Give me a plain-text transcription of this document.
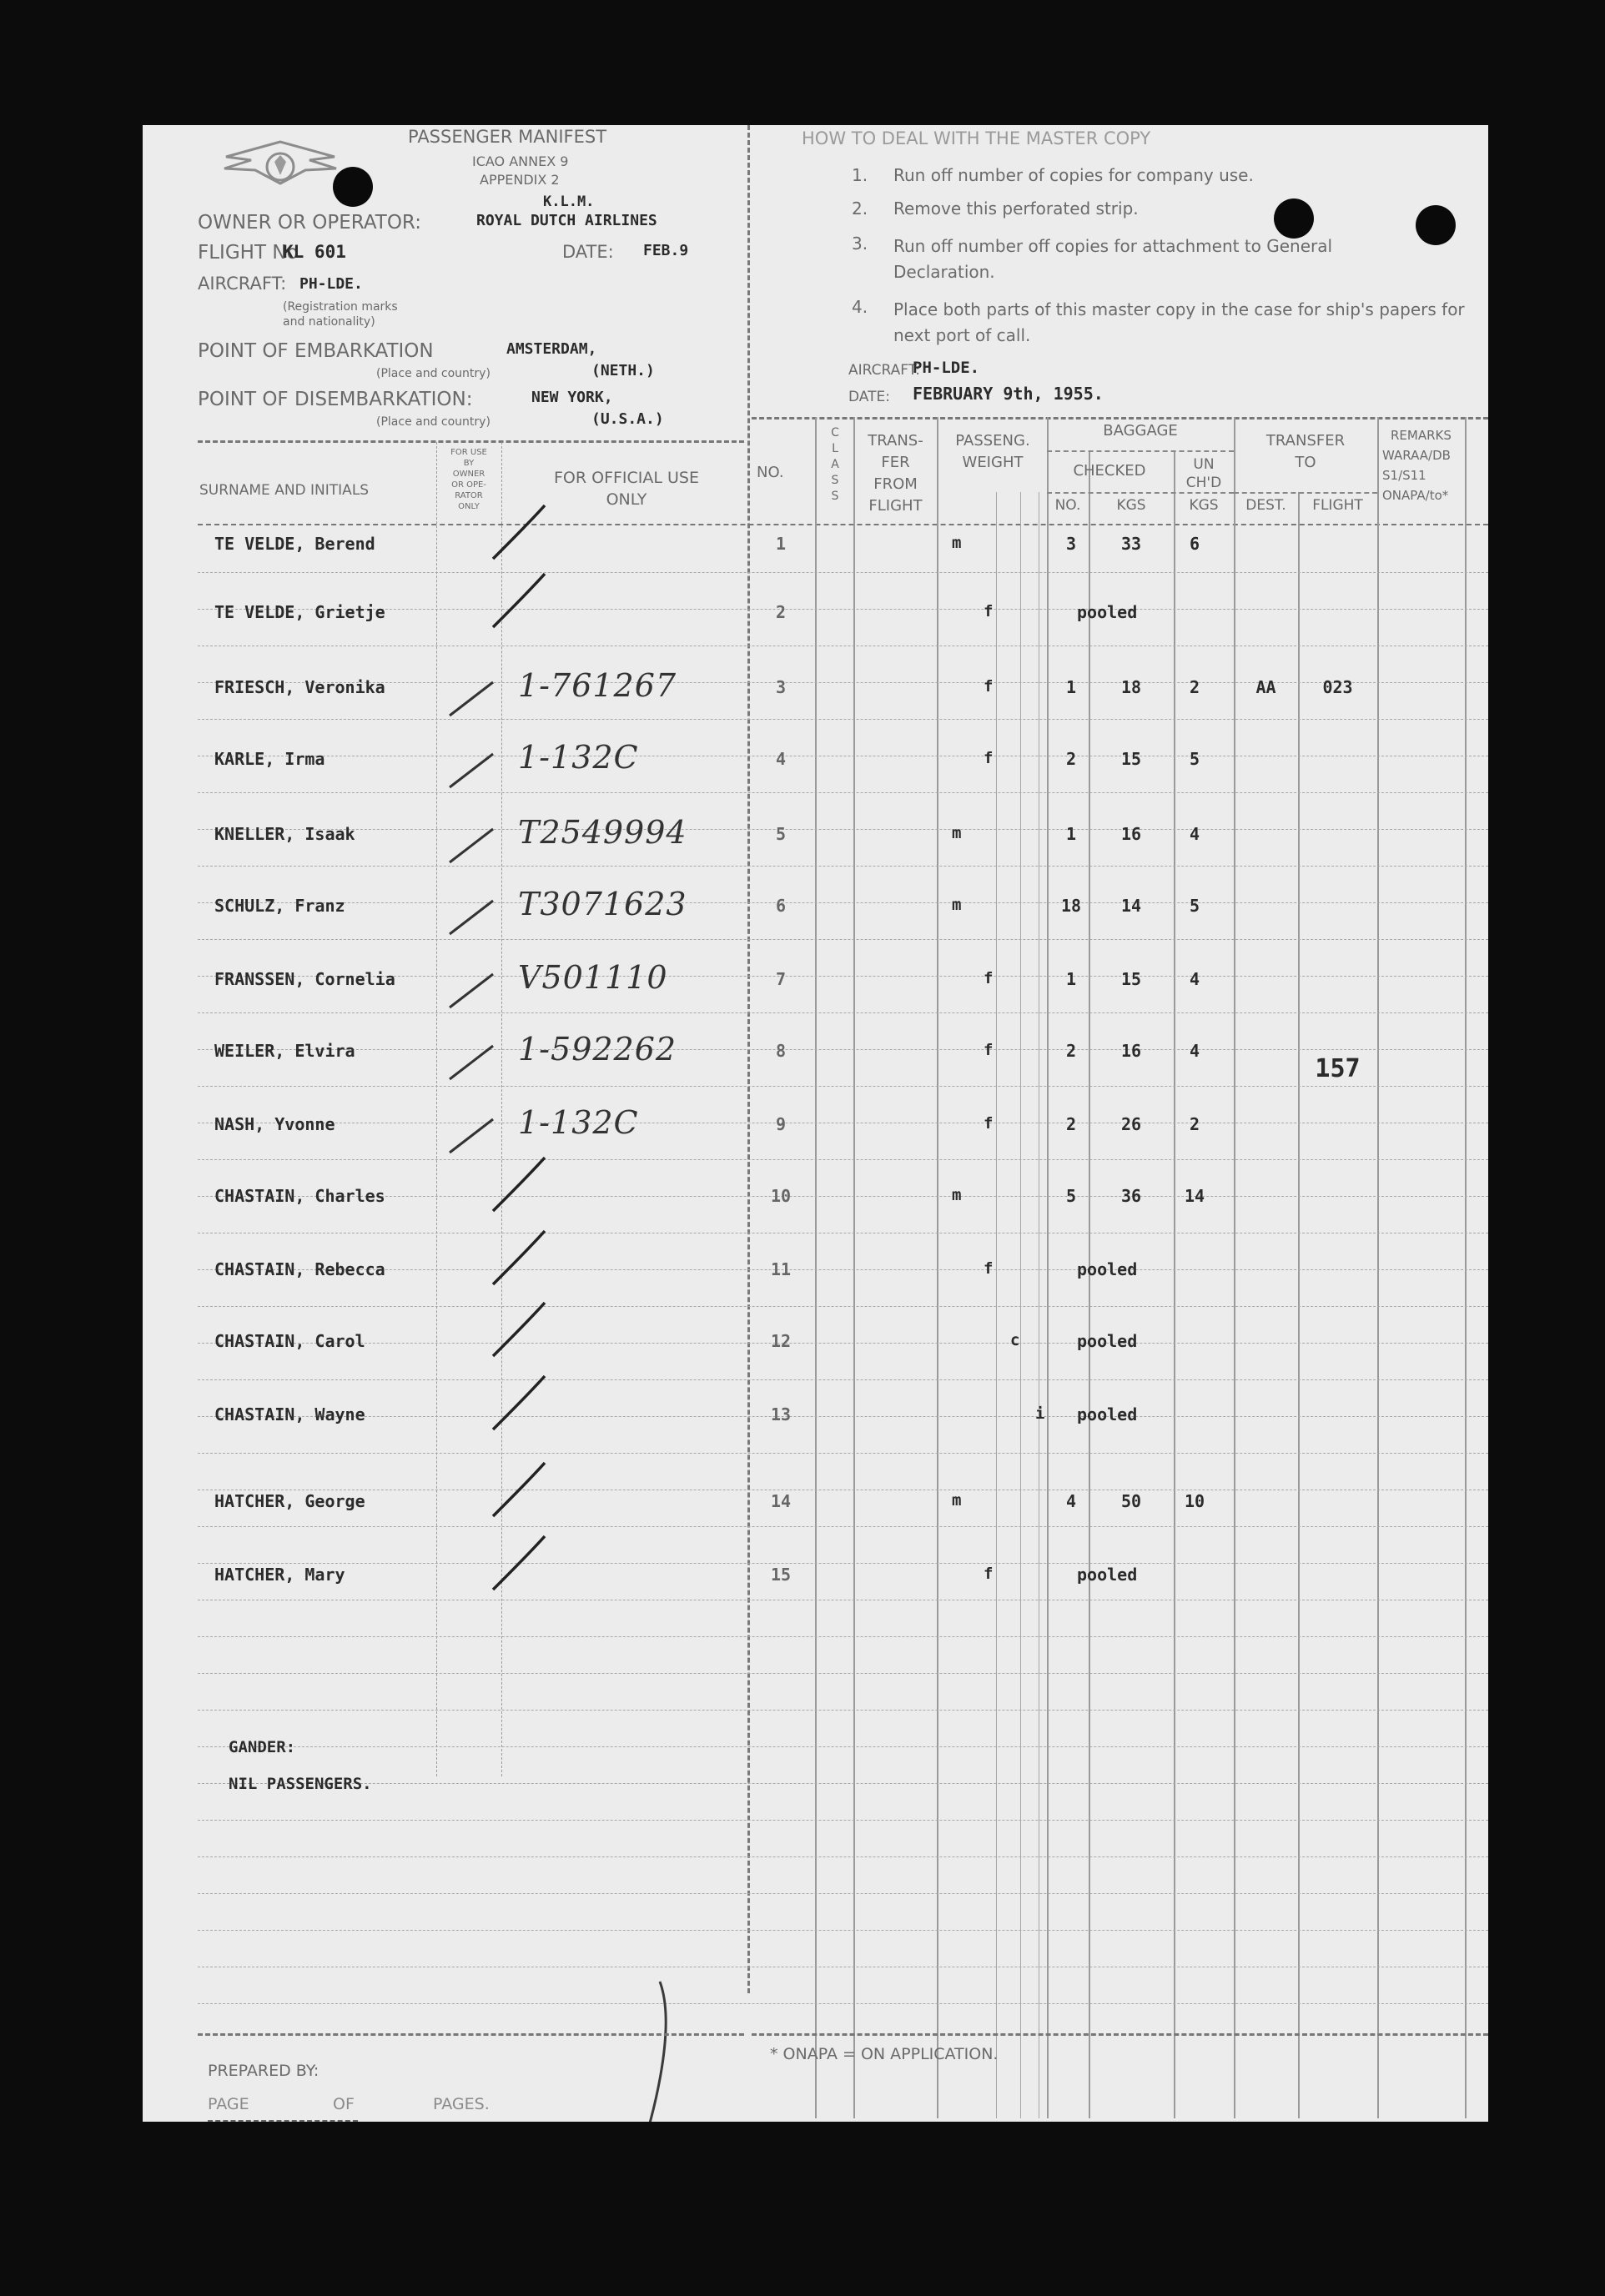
PASSENGER MANIFEST
ICAO ANNEX 9
APPENDIX 2
K.L.M.
OWNER OR OPERATOR:	ROYAL DUTCH AIRLINES
FLIGHT No
KL 601	DATE: FEB.9
AIRCRAFT: PH-LDE.
(Registration marks
and nationality)
POINT OF EMBARKATION	AMSTERDAM,
(Place and country)	(NETH.)
POINT OF DISEMBARKATION:	NEW YORK,
(Place and country)	(U.S.A.)
HOW TO DEAL WITH THE MASTER COPY
1. Run off number of copies for company use.
2. Remove this perforated strip.
3. Run off number off copies for attachment to General Declaration.
4. Place both parts of this master copy in the case for ship's papers for next port of call.
AIRCRAFT:
PH-LDE.
DATE: FEBRUARY 9th, 1955.
SURNAME AND INITIALS
FOR USE
BY
OWNER
OR OPE-
RATOR
ONLY
FOR OFFICIAL USE
ONLY
NO.
C
L
A
S
S
TRANS-
FER
FROM
FLIGHT
PASSENG.
WEIGHT
BAGGAGE
CHECKED	UN
CH'D
NO.	KGS	KGS
TRANSFER
TO
DEST.	FLIGHT
REMARKS
WARAA/DB
S1/S11
ONAPA/to*
TE VELDE, Berend	1	m	3	33	6
TE VELDE, Grietje	2	f	pooled
FRIESCH, Veronika	1-761267	3	f	1	18	2	AA	023
KARLE, Irma	1-132C	4	f	2	15	5
KNELLER, Isaak	T2549994	5	m	1	16	4
SCHULZ, Franz	T3071623	6	m	18	14	5
FRANSSEN, Cornelia	V501110	7	f	1	15	4
WEILER, Elvira	1-592262	8	f	2	16	4
157
NASH, Yvonne	1-132C	9	f	2	26	2
CHASTAIN, Charles	10	m	5	36	14
CHASTAIN, Rebecca	11	f	pooled
CHASTAIN, Carol	12	c	pooled
CHASTAIN, Wayne	13	i pooled
HATCHER, George	14	m	4	50	10
HATCHER, Mary	15	f	pooled
GANDER:
NIL PASSENGERS.
PREPARED BY:
PAGE	OF	PAGES.
* ONAPA = ON APPLICATION.
